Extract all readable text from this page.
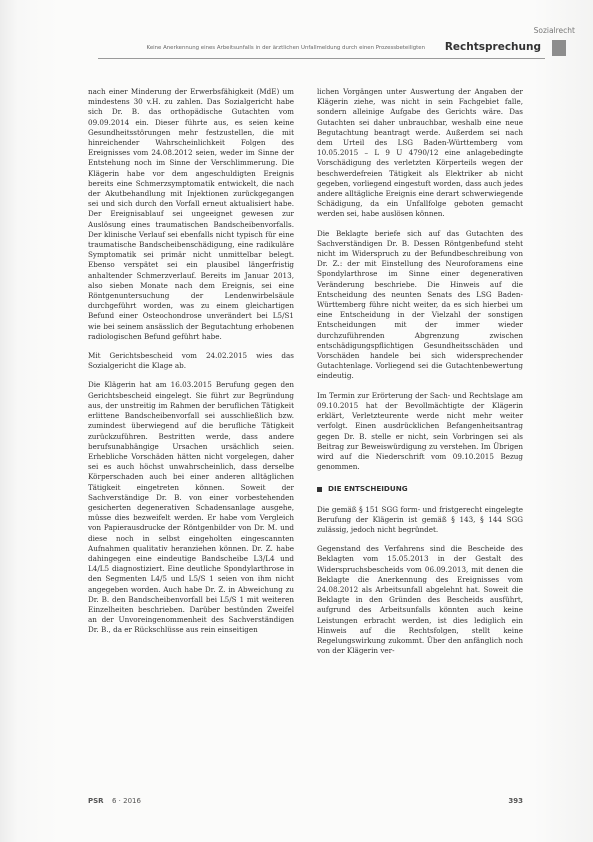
Sozialrecht
Keine Anerkennung eines Arbeitsunfalls in der ärztlichen Unfallmeldung durch einen Prozessbeteiligten Rechtsprechung

nach einer Minderung der Erwerbsfähigkeit (MdE) um mindestens 30 v.H. zu zahlen. Das Sozialgericht habe sich Dr. B. das orthopädische Gutachten vom 09.09.2014 ein. Dieser führte aus, es seien keine Gesundheitsstörungen mehr festzustellen, die mit hinreichender Wahrscheinlichkeit Folgen des Ereignisses vom 24.08.2012 seien, weder im Sinne der Entstehung noch im Sinne der Verschlimmerung. Die Klägerin habe vor dem angeschuldigten Ereignis bereits eine Schmerzsymptomatik entwickelt, die nach der Akutbehandlung mit Injektionen zurückgegangen sei und sich durch den Vorfall erneut aktualisiert habe. Der Ereignisablauf sei ungeeignet gewesen zur Auslösung eines traumatischen Bandscheibenvorfalls. Der klinische Verlauf sei ebenfalls nicht typisch für eine traumatische Bandscheibenschädigung, eine radikuläre Symptomatik sei primär nicht unmittelbar belegt. Ebenso verspätet sei ein plausibel längerfristig anhaltender Schmerzverlauf. Bereits im Januar 2013, also sieben Monate nach dem Ereignis, sei eine Röntgenuntersuchung der Lendenwirbelsäule durchgeführt worden, was zu einem gleichartigen Befund einer Osteochondrose unverändert bei L5/S1 wie bei seinem ansässlich der Begutachtung erhobenen radiologischen Befund geführt habe.

Mit Gerichtsbescheid vom 24.02.2015 wies das Sozialgericht die Klage ab.

Die Klägerin hat am 16.03.2015 Berufung gegen den Gerichtsbescheid eingelegt. Sie führt zur Begründung aus, der unstreitig im Rahmen der beruflichen Tätigkeit erlittene Bandscheibenvorfall sei ausschließlich bzw. zumindest überwiegend auf die berufliche Tätigkeit zurückzuführen. Bestritten werde, dass andere berufsunabhängige Ursachen ursächlich seien. Erhebliche Vorschäden hätten nicht vorgelegen, daher sei es auch höchst unwahrscheinlich, dass derselbe Körperschaden auch bei einer anderen alltäglichen Tätigkeit eingetreten können. Soweit der Sachverständige Dr. B. von einer vorbestehenden gesicherten degenerativen Schadensanlage ausgehe, müsse dies bezweifelt werden. Er habe vom Vergleich von Papierausdrucke der Röntgenbilder von Dr. M. und diese noch in selbst eingeholten eingescannten Aufnahmen qualitativ heranziehen können. Dr. Z. habe dahingegen eine eindeutige Bandscheibe L3/L4 und L4/L5 diagnostiziert. Eine deutliche Spondylarthrose in den Segmenten L4/5 und L5/S 1 seien von ihm nicht angegeben worden. Auch habe Dr. Z. in Abweichung zu Dr. B. den Bandscheibenvorfall bei L5/S 1 mit weiteren Einzelheiten beschrieben. Darüber bestünden Zweifel an der Unvoreingenommenheit des Sachverständigen Dr. B., da er Rückschlüsse aus rein einseitigen

lichen Vorgängen unter Auswertung der Angaben der Klägerin ziehe, was nicht in sein Fachgebiet falle, sondern alleinige Aufgabe des Gerichts wäre. Das Gutachten sei daher unbrauchbar, weshalb eine neue Begutachtung beantragt werde. Außerdem sei nach dem Urteil des LSG Baden-Württemberg vom 10.05.2015 – L 9 U 4790/12 eine anlagebedingte Vorschädigung des verletzten Körperteils wegen der beschwerdefreien Tätigkeit als Elektriker ab nicht gegeben, vorliegend eingestuft worden, dass auch jedes andere alltägliche Ereignis eine derart schwerwiegende Schädigung, da ein Unfallfolge geboten gemacht werden sei, habe auslösen können.

Die Beklagte beriefe sich auf das Gutachten des Sachverständigen Dr. B. Dessen Röntgenbefund steht nicht im Widerspruch zu der Befundbeschreibung von Dr. Z.: der mit Einstellung des Neuroforamens eine Spondylarthrose im Sinne einer degenerativen Veränderung beschriebe. Die Hinweis auf die Entscheidung des neunten Senats des LSG Baden-Württemberg führe nicht weiter, da es sich hierbei um eine Entscheidung in der Vielzahl der sonstigen Entscheidungen mit der immer wieder durchzuführenden Abgrenzung zwischen entschädigungspflichtigen Gesundheitsschäden und Vorschäden handele bei sich widersprechender Gutachtenlage. Vorliegend sei die Gutachtenbewertung eindeutig.

Im Termin zur Erörterung der Sach- und Rechtslage am 09.10.2015 hat der Bevollmächtigte der Klägerin erklärt, Verletzteurente werde nicht mehr weiter verfolgt. Einen ausdrücklichen Befangenheitsantrag gegen Dr. B. stelle er nicht, sein Vorbringen sei als Beitrag zur Beweiswürdigung zu verstehen. Im Übrigen wird auf die Niederschrift vom 09.10.2015 Bezug genommen.

DIE ENTSCHEIDUNG

Die gemäß § 151 SGG form- und fristgerecht eingelegte Berufung der Klägerin ist gemäß § 143, § 144 SGG zulässig, jedoch nicht begründet.

Gegenstand des Verfahrens sind die Bescheide des Beklagten vom 15.05.2013 in der Gestalt des Widerspruchsbescheids vom 06.09.2013, mit denen die Beklagte die Anerkennung des Ereignisses vom 24.08.2012 als Arbeitsunfall abgelehnt hat. Soweit die Beklagte in den Gründen des Bescheids ausführt, aufgrund des Arbeitsunfalls könnten auch keine Leistungen erbracht werden, ist dies lediglich ein Hinweis auf die Rechtsfolgen, stellt keine Regelungswirkung zukommt. Über den anfänglich noch von der Klägerin ver-

PSR 6 · 2016	393
